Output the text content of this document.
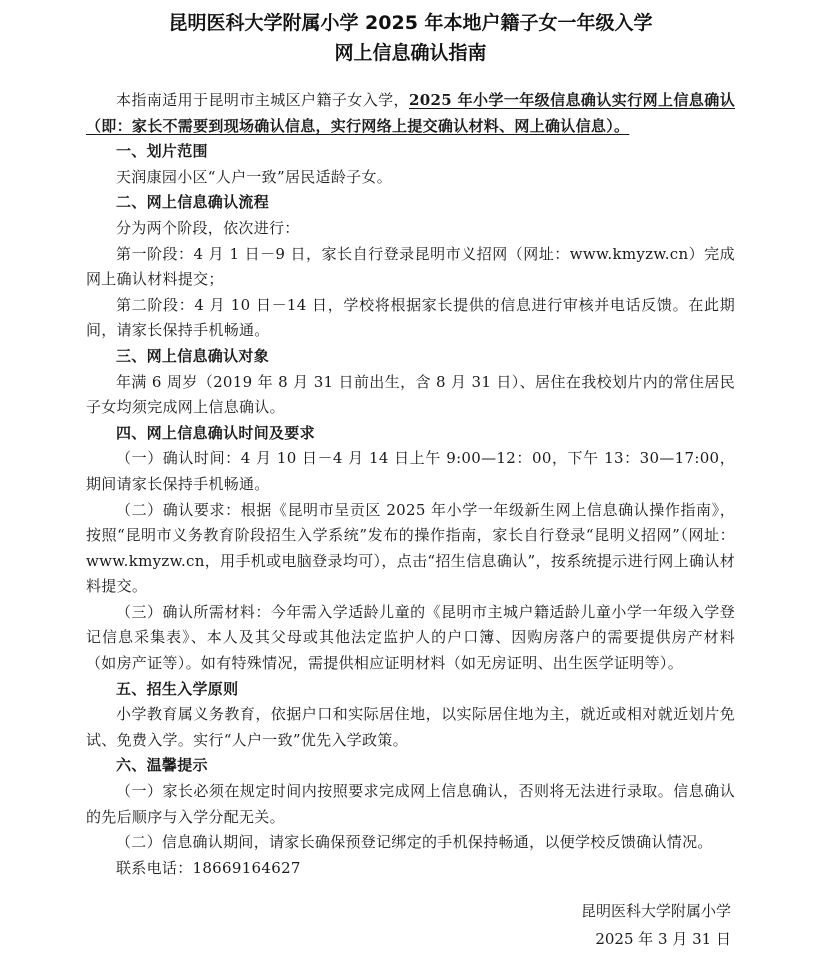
昆明医科大学附属小学 2025 年本地户籍子女一年级入学

网上信息确认指南

本指南适用于昆明市主城区户籍子女入学，2025 年小学一年级信息确认实行网上信息确认（即：家长不需要到现场确认信息，实行网络上提交确认材料、网上确认信息）。

一、划片范围

天润康园小区“人户一致”居民适龄子女。

二、网上信息确认流程

分为两个阶段，依次进行：

第一阶段：4 月 1 日－9 日，家长自行登录昆明市义招网（网址：www.kmyzw.cn）完成网上确认材料提交；

第二阶段：4 月 10 日－14 日，学校将根据家长提供的信息进行审核并电话反馈。在此期间，请家长保持手机畅通。

三、网上信息确认对象

年满 6 周岁（2019 年 8 月 31 日前出生，含 8 月 31 日）、居住在我校划片内的常住居民子女均须完成网上信息确认。

四、网上信息确认时间及要求

（一）确认时间：4 月 10 日－4 月 14 日上午 9:00—12：00，下午 13：30—17:00，期间请家长保持手机畅通。

（二）确认要求：根据《昆明市呈贡区 2025 年小学一年级新生网上信息确认操作指南》，按照“昆明市义务教育阶段招生入学系统”发布的操作指南，家长自行登录“昆明义招网”（网址：www.kmyzw.cn，用手机或电脑登录均可），点击“招生信息确认”，按系统提示进行网上确认材料提交。

（三）确认所需材料：今年需入学适龄儿童的《昆明市主城户籍适龄儿童小学一年级入学登记信息采集表》、本人及其父母或其他法定监护人的户口簿、因购房落户的需要提供房产材料（如房产证等）。如有特殊情况，需提供相应证明材料（如无房证明、出生医学证明等）。

五、招生入学原则

小学教育属义务教育，依据户口和实际居住地，以实际居住地为主，就近或相对就近划片免试、免费入学。实行“人户一致”优先入学政策。

六、温馨提示

（一）家长必须在规定时间内按照要求完成网上信息确认，否则将无法进行录取。信息确认的先后顺序与入学分配无关。

（二）信息确认期间，请家长确保预登记绑定的手机保持畅通，以便学校反馈确认情况。

联系电话：18669164627

昆明医科大学附属小学
2025 年 3 月 31 日
